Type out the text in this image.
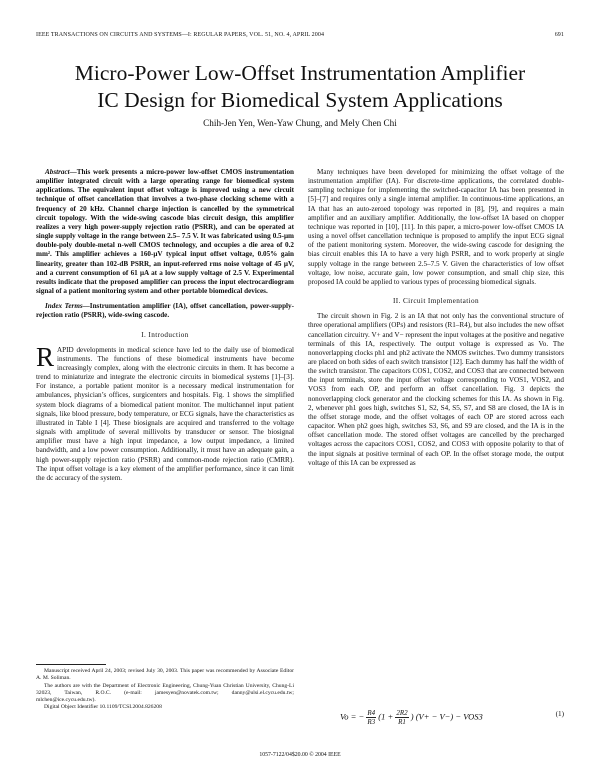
IEEE TRANSACTIONS ON CIRCUITS AND SYSTEMS—I: REGULAR PAPERS, VOL. 51, NO. 4, APRIL 2004	691
Micro-Power Low-Offset Instrumentation Amplifier
IC Design for Biomedical System Applications
Chih-Jen Yen, Wen-Yaw Chung, and Mely Chen Chi

Abstract—This work presents a micro-power low-offset CMOS instrumentation amplifier integrated circuit with a large operating range for biomedical system applications. The equivalent input offset voltage is improved using a new circuit technique of offset cancellation that involves a two-phase clocking scheme with a frequency of 20 kHz. Channel charge injection is cancelled by the symmetrical circuit topology. With the wide-swing cascode bias circuit design, this amplifier realizes a very high power-supply rejection ratio (PSRR), and can be operated at single supply voltage in the range between 2.5– 7.5 V. It was fabricated using 0.5-μm double-poly double-metal n-well CMOS technology, and occupies a die area of 0.2 mm². This amplifier achieves a 160-μV typical input offset voltage, 0.05% gain linearity, greater than 102-dB PSRR, an input-referred rms noise voltage of 45 μV, and a current consumption of 61 μA at a low supply voltage of 2.5 V. Experimental results indicate that the proposed amplifier can process the input electrocardiogram signal of a patient monitoring system and other portable biomedical devices.

Index Terms—Instrumentation amplifier (IA), offset cancellation, power-supply-rejection ratio (PSRR), wide-swing cascode.

I. Introduction

RAPID developments in medical science have led to the daily use of biomedical instruments. The functions of these biomedical instruments have become increasingly complex, along with the electronic circuits in them. It has become a trend to miniaturize and integrate the electronic circuits in biomedical systems [1]–[3]. For instance, a portable patient monitor is a necessary medical instrumentation for ambulances, physician’s offices, surgicenters and hospitals. Fig. 1 shows the simplified system block diagrams of a biomedical patient monitor. The multichannel input patient signals, like blood pressure, body temperature, or ECG signals, have the characteristics as illustrated in Table I [4]. These biosignals are acquired and transferred to the voltage signals with amplitude of several millivolts by transducer or sensor. The biosignal amplifier must have a high input impedance, a low output impedance, a limited bandwidth, and a low power consumption. Additionally, it must have an adequate gain, a high power-supply rejection ratio (PSRR) and common-mode rejection ratio (CMRR). The input offset voltage is a key element of the amplifier performance, since it can limit the dc accuracy of the system.

Many techniques have been developed for minimizing the offset voltage of the instrumentation amplifier (IA). For discrete-time applications, the correlated double-sampling technique for implementing the switched-capacitor IA has been presented in [5]–[7] and requires only a single internal amplifier. In continuous-time applications, an IA that has an auto-zeroed topology was reported in [8], [9], and requires a main amplifier and an auxiliary amplifier. Additionally, the low-offset IA based on chopper technique was reported in [10], [11]. In this paper, a micro-power low-offset CMOS IA using a novel offset cancellation technique is proposed to amplify the input ECG signal of the patient monitoring system. Moreover, the wide-swing cascode for designing the bias circuit enables this IA to have a very high PSRR, and to work properly at single supply voltage in the range between 2.5–7.5 V. Given the characteristics of low offset voltage, low noise, accurate gain, low power consumption, and small chip size, this proposed IA could be applied to various types of processing biomedical signals.

II. Circuit Implementation

The circuit shown in Fig. 2 is an IA that not only has the conventional structure of three operational amplifiers (OPs) and resistors (R1–R4), but also includes the new offset cancellation circuitry. V+ and V− represent the input voltages at the positive and negative terminals of this IA, respectively. The output voltage is expressed as Vo. The nonoverlapping clocks ph1 and ph2 activate the NMOS switches. Two dummy transistors are placed on both sides of each switch transistor [12]. Each dummy has half the width of the switch transistor. The capacitors COS1, COS2, and COS3 that are connected between the input terminals, store the input offset voltage corresponding to VOS1, VOS2, and VOS3 from each OP, and perform an offset cancellation. Fig. 3 depicts the nonoverlapping clock generator and the clocking schemes for this IA. As shown in Fig. 2, whenever ph1 goes high, switches S1, S2, S4, S5, S7, and S8 are closed, the IA is in the offset storage mode, and the offset voltages of each OP are stored across each capacitor. When ph2 goes high, switches S3, S6, and S9 are closed, and the IA is in the offset cancellation mode. The stored offset voltages are cancelled by the precharged voltages across the capacitors COS1, COS2, and COS3 with opposite polarity to that of the input signals at positive terminal of each OP. In the offset storage mode, the output voltage of this IA can be expressed as

Vo = − $\frac{R4}{R3} (1 + \frac{2R2}{R1}$ ) (V+ − V−) − VOS3	(1)

Manuscript received April 24, 2003; revised July 30, 2003. This paper was recommended by Associate Editor A. M. Soliman.

The authors are with the Department of Electronic Engineering, Chung-Yuan Christian University, Chung-Li 32023, Taiwan, R.O.C. (e-mail: jamesyen@novatek.com.tw; danny@ulsi.el.cycu.edu.tw; mlchen@ice.cycu.edu.tw).

Digital Object Identifier 10.1109/TCSI.2004.826208

1057-7122/04$20.00 © 2004 IEEE
